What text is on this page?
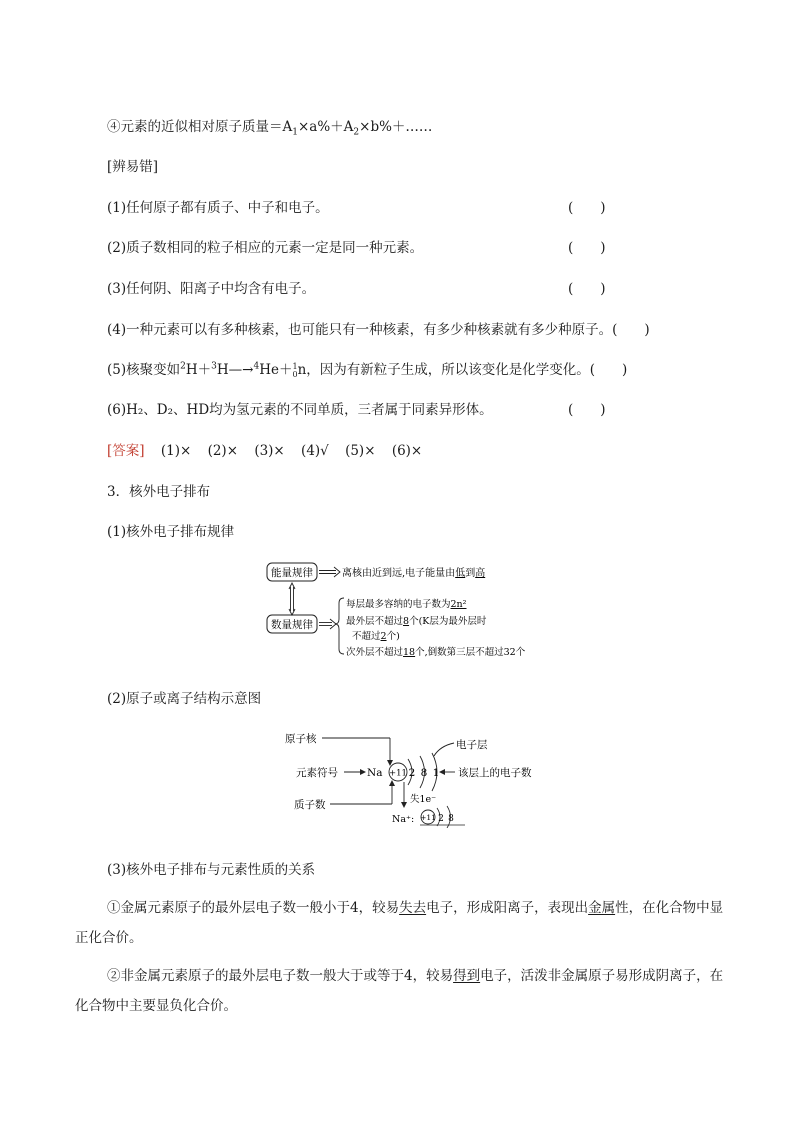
④元素的近似相对原子质量$=A_1\times a\%+A_2\times b\%+\dots\dots$
[辨易错]
(1)任何原子都有质子、中子和电子。	(　　)
(2)质子数相同的粒子相应的元素一定是同一种元素。	(　　)
(3)任何阴、阳离子中均含有电子。	(　　)
(4)一种元素可以有多种核素，也可能只有一种核素，有多少种核素就有多少种原子。(　　)
(5)核聚变如$^2$H＋$^3$H—→$^4$He＋ 1
0 n，因为有新粒子生成，所以该变化是化学变化。(　　)
(6)H₂、D₂、HD均为氢元素的不同单质，三者属于同素异形体。	(　　)
[答案] (1)× (2)× (3)× (4)√ (5)× (6)×
3．核外电子排布
(1)核外电子排布规律
能量规律
数量规律
离核由近到远,电子能量由低到高
每层最多容纳的电子数为2n²
最外层不超过8个(K层为最外层时
不超过2个)
次外层不超过18个,倒数第三层不超过32个
(2)原子或离子结构示意图
原子核
元素符号	Na +11 2 8 1
电子层
该层上的电子数
质子数	失1e⁻
Na⁺: +11 2 8
(3)核外电子排布与元素性质的关系
①金属元素原子的最外层电子数一般小于4，较易失去电子，形成阳离子，表现出金属性，在化合物中显正化合价。
②非金属元素原子的最外层电子数一般大于或等于4，较易得到电子，活泼非金属原子易形成阴离子，在化合物中主要显负化合价。
